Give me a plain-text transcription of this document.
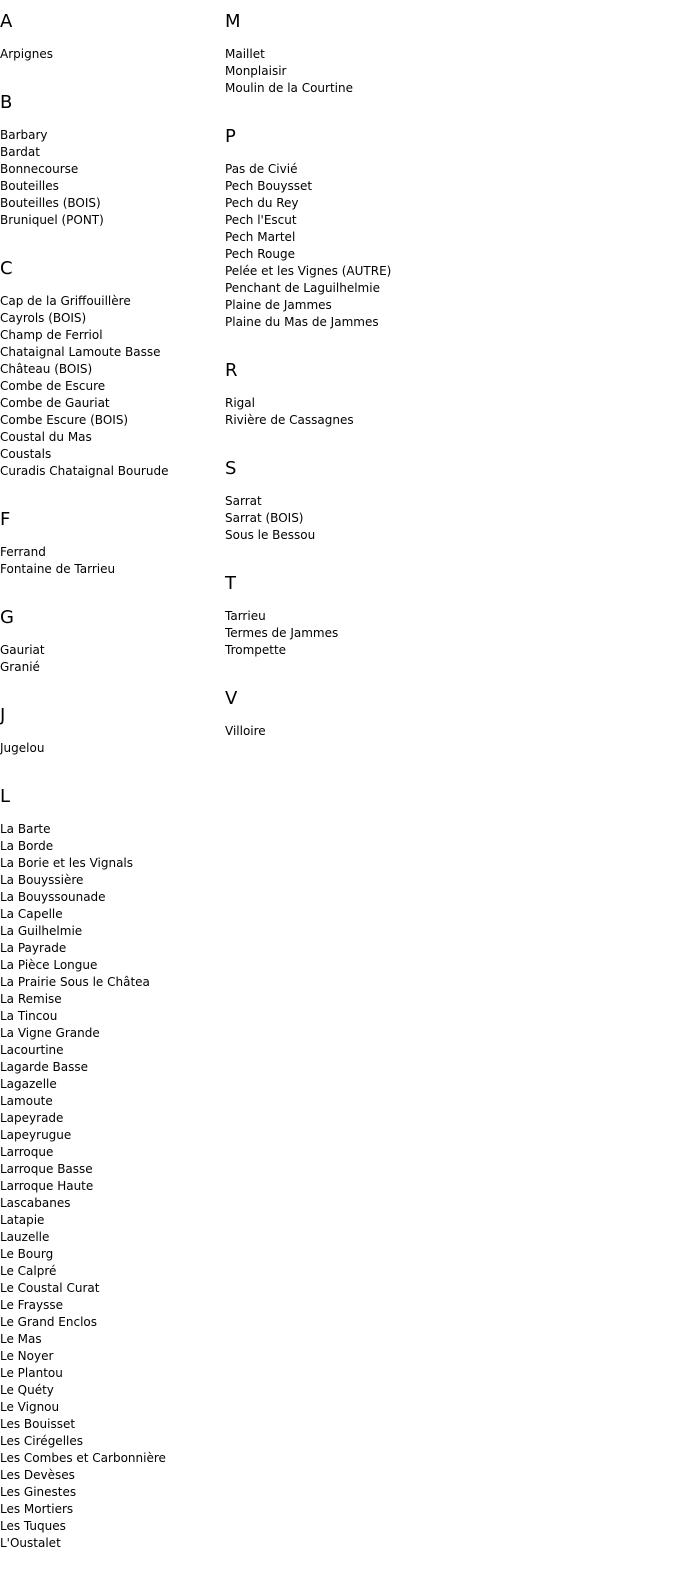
A
Arpignes
B
Barbary
Bardat
Bonnecourse
Bouteilles
Bouteilles (BOIS)
Bruniquel (PONT)
C
Cap de la Griffouillère
Cayrols (BOIS)
Champ de Ferriol
Chataignal Lamoute Basse
Château (BOIS)
Combe de Escure
Combe de Gauriat
Combe Escure (BOIS)
Coustal du Mas
Coustals
Curadis Chataignal Bourude
F
Ferrand
Fontaine de Tarrieu
G
Gauriat
Granié
J
Jugelou
L
La Barte
La Borde
La Borie et les Vignals
La Bouyssière
La Bouyssounade
La Capelle
La Guilhelmie
La Payrade
La Pièce Longue
La Prairie Sous le Châtea
La Remise
La Tincou
La Vigne Grande
Lacourtine
Lagarde Basse
Lagazelle
Lamoute
Lapeyrade
Lapeyrugue
Larroque
Larroque Basse
Larroque Haute
Lascabanes
Latapie
Lauzelle
Le Bourg
Le Calpré
Le Coustal Curat
Le Fraysse
Le Grand Enclos
Le Mas
Le Noyer
Le Plantou
Le Quéty
Le Vignou
Les Bouisset
Les Cirégelles
Les Combes et Carbonnière
Les Devèses
Les Ginestes
Les Mortiers
Les Tuques
L'Oustalet
M
Maillet
Monplaisir
Moulin de la Courtine
P
Pas de Civié
Pech Bouysset
Pech du Rey
Pech l'Escut
Pech Martel
Pech Rouge
Pelée et les Vignes (AUTRE)
Penchant de Laguilhelmie
Plaine de Jammes
Plaine du Mas de Jammes
R
Rigal
Rivière de Cassagnes
S
Sarrat
Sarrat (BOIS)
Sous le Bessou
T
Tarrieu
Termes de Jammes
Trompette
V
Villoire
